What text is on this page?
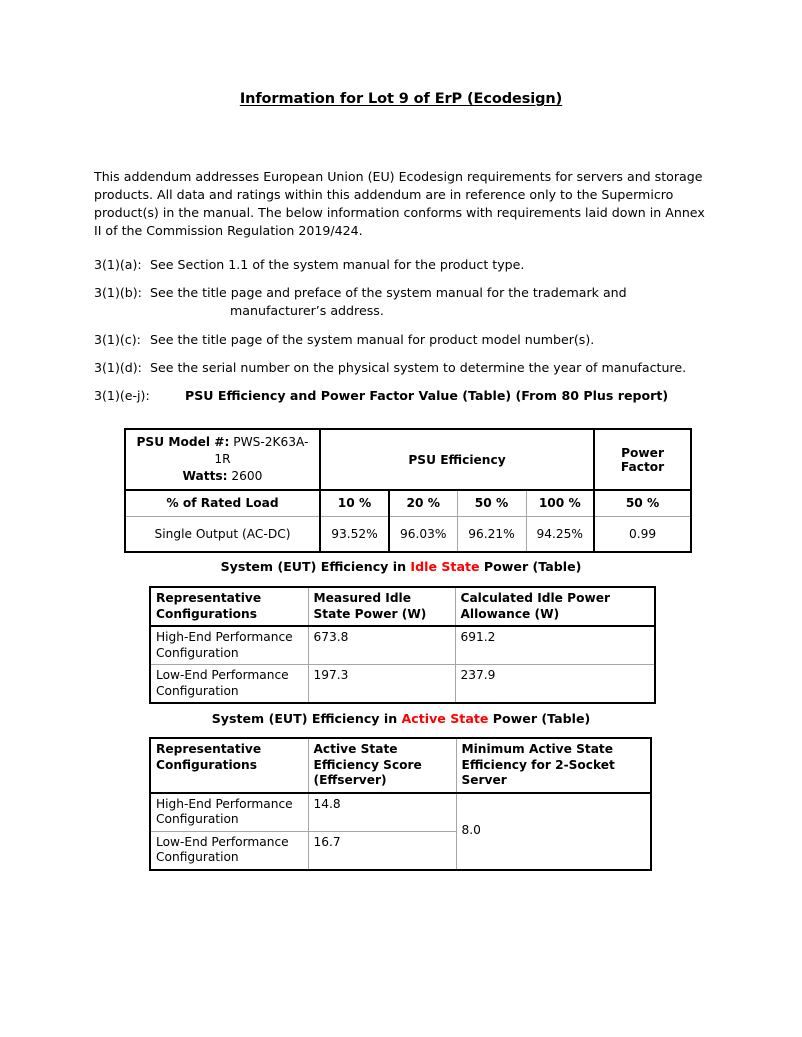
Information for Lot 9 of ErP (Ecodesign)

This addendum addresses European Union (EU) Ecodesign requirements for servers and storage products. All data and ratings within this addendum are in reference only to the Supermicro product(s) in the manual. The below information conforms with requirements laid down in Annex II of the Commission Regulation 2019/424.

3(1)(a): See Section 1.1 of the system manual for the product type.
3(1)(b): See the title page and preface of the system manual for the trademark and
manufacturer’s address.
3(1)(c): See the title page of the system manual for product model number(s).
3(1)(d): See the serial number on the physical system to determine the year of manufacture.
3(1)(e-j):	PSU Efficiency and Power Factor Value (Table) (From 80 Plus report)
PSU Model #: PWS-2K63A-1R
Watts: 2600	PSU Efficiency				Power Factor
% of Rated Load	10 %	20 %	50 %	100 %	50 %
Single Output (AC-DC)	93.52%	96.03%	96.21%	94.25%	0.99
System (EUT) Efficiency in Idle State Power (Table)
Representative Configurations	Measured Idle State Power (W)	Calculated Idle Power Allowance (W)
High-End Performance Configuration	673.8	691.2
Low-End Performance Configuration	197.3	237.9
System (EUT) Efficiency in Active State Power (Table)
Representative Configurations	Active State Efficiency Score (Effserver)	Minimum Active State Efficiency for 2-Socket Server
High-End Performance Configuration	14.8	8.0
Low-End Performance Configuration	16.7	
